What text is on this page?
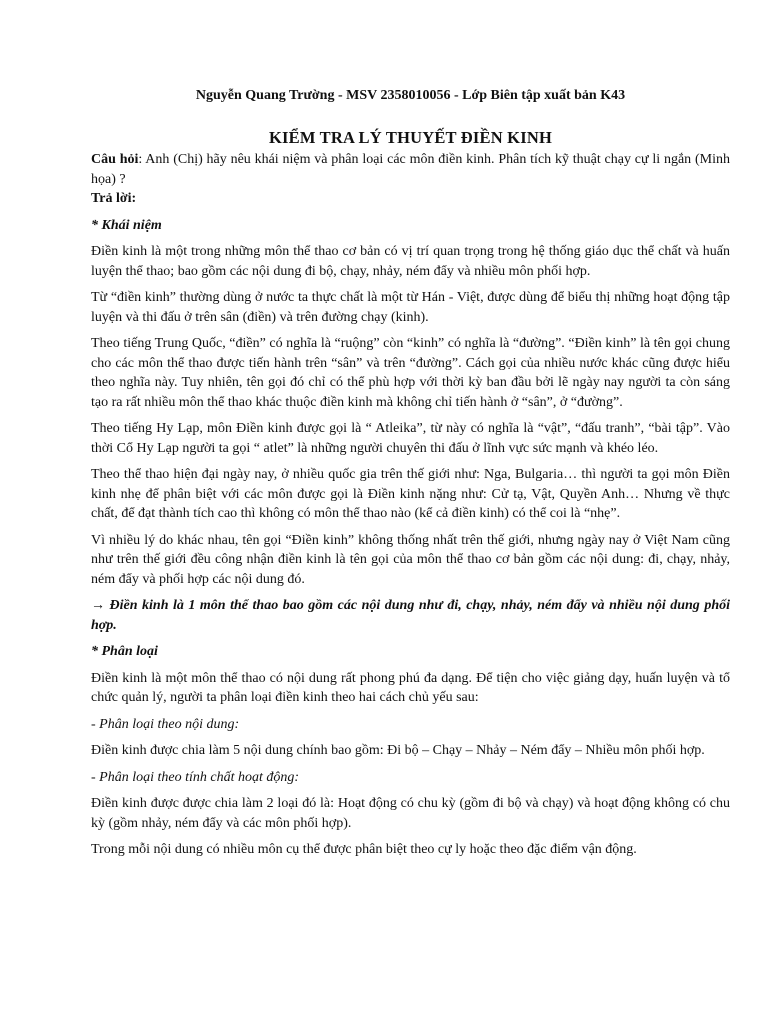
Nguyễn Quang Trường - MSV 2358010056 - Lớp Biên tập xuất bản K43

KIỂM TRA LÝ THUYẾT ĐIỀN KINH

Câu hỏi: Anh (Chị) hãy nêu khái niệm và phân loại các môn điền kinh. Phân tích kỹ thuật chạy cự li ngắn (Minh họa) ?

Trả lời:

* Khái niệm

Điền kinh là một trong những môn thể thao cơ bản có vị trí quan trọng trong hệ thống giáo dục thể chất và huấn luyện thể thao; bao gồm các nội dung đi bộ, chạy, nhảy, ném đẩy và nhiều môn phối hợp.

Từ “điền kinh” thường dùng ở nước ta thực chất là một từ Hán - Việt, được dùng để biểu thị những hoạt động tập luyện và thi đấu ở trên sân (điền) và trên đường chạy (kinh).

Theo tiếng Trung Quốc, “điền” có nghĩa là “ruộng” còn “kinh” có nghĩa là “đường”. “Điền kinh” là tên gọi chung cho các môn thể thao được tiến hành trên “sân” và trên “đường”. Cách gọi của nhiều nước khác cũng được hiểu theo nghĩa này. Tuy nhiên, tên gọi đó chỉ có thể phù hợp với thời kỳ ban đầu bởi lẽ ngày nay người ta còn sáng tạo ra rất nhiều môn thể thao khác thuộc điền kinh mà không chỉ tiến hành ở “sân”, ở “đường”.

Theo tiếng Hy Lạp, môn Điền kinh được gọi là “ Atleika”, từ này có nghĩa là “vật”, “đấu tranh”, “bài tập”. Vào thời Cổ Hy Lạp người ta gọi “ atlet” là những người chuyên thi đấu ở lĩnh vực sức mạnh và khéo léo.

Theo thể thao hiện đại ngày nay, ở nhiều quốc gia trên thế giới như: Nga, Bulgaria… thì người ta gọi môn Điền kinh nhẹ để phân biệt với các môn được gọi là Điền kinh nặng như: Cử tạ, Vật, Quyền Anh… Nhưng về thực chất, để đạt thành tích cao thì không có môn thể thao nào (kể cả điền kinh) có thể coi là “nhẹ”.

Vì nhiều lý do khác nhau, tên gọi “Điền kinh” không thống nhất trên thế giới, nhưng ngày nay ở Việt Nam cũng như trên thế giới đều công nhận điền kinh là tên gọi của môn thể thao cơ bản gồm các nội dung: đi, chạy, nhảy, ném đẩy và phối hợp các nội dung đó.

→ Điền kinh là 1 môn thể thao bao gồm các nội dung như đi, chạy, nhảy, ném đẩy và nhiều nội dung phối hợp.

* Phân loại

Điền kinh là một môn thể thao có nội dung rất phong phú đa dạng. Để tiện cho việc giảng dạy, huấn luyện và tổ chức quản lý, người ta phân loại điền kinh theo hai cách chủ yếu sau:

- Phân loại theo nội dung:

Điền kinh được chia làm 5 nội dung chính bao gồm: Đi bộ – Chạy – Nhảy – Ném đẩy – Nhiều môn phối hợp.

- Phân loại theo tính chất hoạt động:

Điền kinh được được chia làm 2 loại đó là: Hoạt động có chu kỳ (gồm đi bộ và chạy) và hoạt động không có chu kỳ (gồm nhảy, ném đẩy và các môn phối hợp).

Trong mỗi nội dung có nhiều môn cụ thể được phân biệt theo cự ly hoặc theo đặc điểm vận động.
